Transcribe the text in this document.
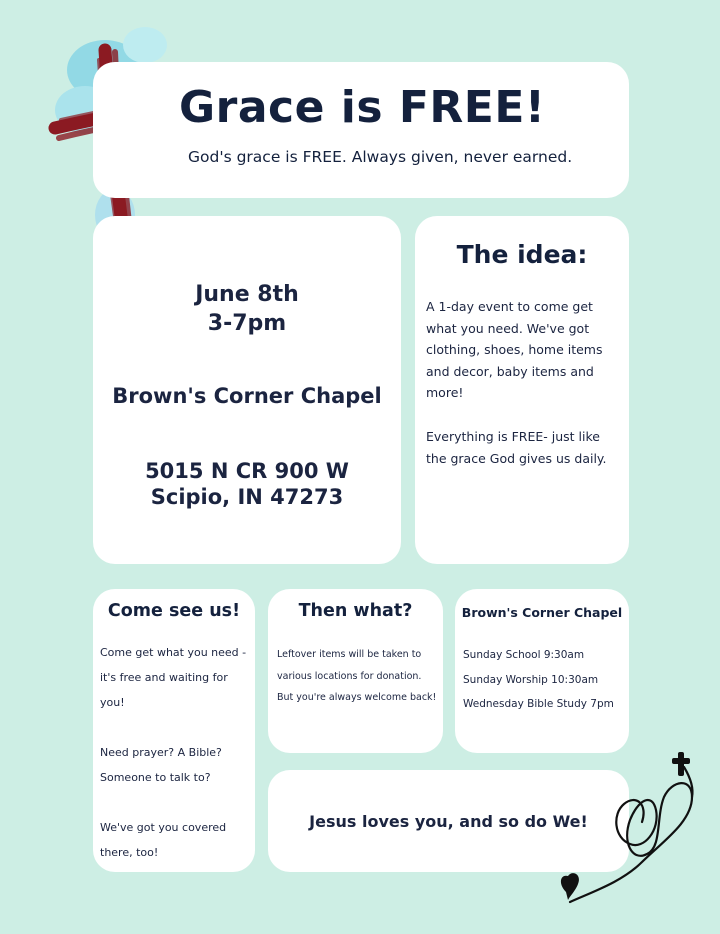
Grace is FREE!
God's grace is FREE. Always given, never earned.
June 8th
3-7pm
Brown's Corner Chapel
5015 N CR 900 W
Scipio, IN 47273
The idea:
A 1-day event to come get what you need. We've got clothing, shoes, home items and decor, baby items and more!
Everything is FREE- just like the grace God gives us daily.
Come see us!
Come get what you need - it's free and waiting for you!
Need prayer? A Bible? Someone to talk to?
We've got you covered there, too!
Then what?
Leftover items will be taken to various locations for donation. But you're always welcome back!
Brown's Corner Chapel
Sunday School 9:30am
Sunday Worship 10:30am
Wednesday Bible Study 7pm
Jesus loves you, and so do We!
